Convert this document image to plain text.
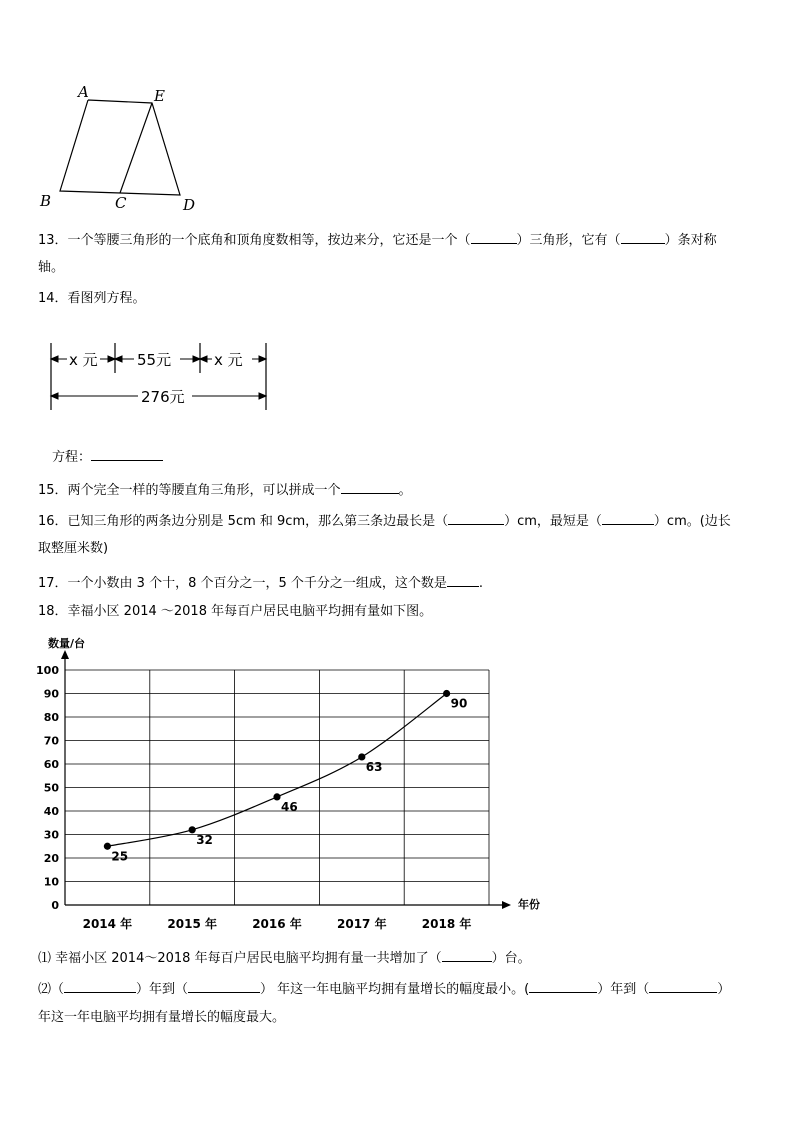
A	E
B	C	D
13．一个等腰三角形的一个底角和顶角度数相等，按边来分，它还是一个（	）三角形，它有（	）条对称
轴。
14．看图列方程。
x 元	55元	x 元
276元
方程：
15．两个完全一样的等腰直角三角形，可以拼成一个	。
16．已知三角形的两条边分别是 5cm 和 9cm，那么第三条边最长是（	）cm，最短是（	）cm。(边长
取整厘米数)
17．一个小数由 3 个十，8 个百分之一，5 个千分之一组成，这个数是 .
18．幸福小区 2014 ～2018 年每百户居民电脑平均拥有量如下图。
0
10
20
30
40
50
60
70
80
90
100
2014 年	2015 年	2016 年	2017 年	2018 年
25
32
46
63
90
数量/台
年份
⑴ 幸福小区 2014～2018 年每百户居民电脑平均拥有量一共增加了（	）台。
⑵（	）年到（	） 年这一年电脑平均拥有量增长的幅度最小。(	）年到（	）
年这一年电脑平均拥有量增长的幅度最大。
